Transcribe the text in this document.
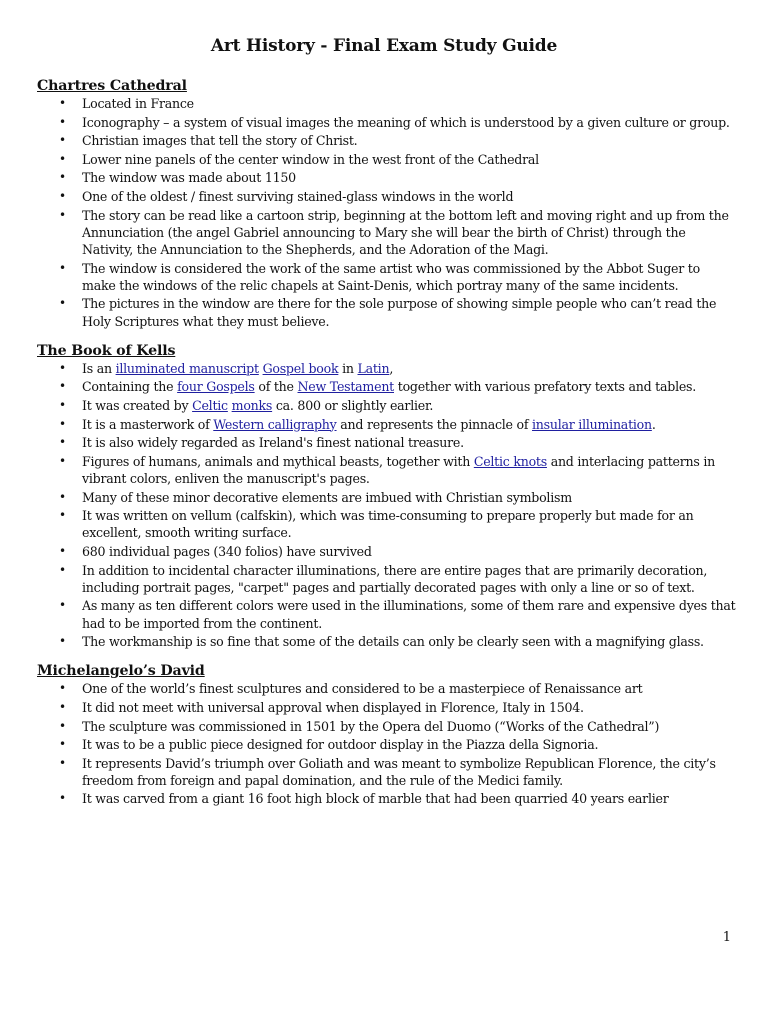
Art History - Final Exam Study Guide
Chartres Cathedral
• Located in France
• Iconography – a system of visual images the meaning of which is understood by a given culture or group.
• Christian images that tell the story of Christ.
• Lower nine panels of the center window in the west front of the Cathedral
• The window was made about 1150
• One of the oldest / finest surviving stained-glass windows in the world
• The story can be read like a cartoon strip, beginning at the bottom left and moving right and up from the Annunciation (the angel Gabriel announcing to Mary she will bear the birth of Christ) through the Nativity, the Annunciation to the Shepherds, and the Adoration of the Magi.
• The window is considered the work of the same artist who was commissioned by the Abbot Suger to make the windows of the relic chapels at Saint-Denis, which portray many of the same incidents.
• The pictures in the window are there for the sole purpose of showing simple people who can’t read the Holy Scriptures what they must believe.
The Book of Kells
• Is an illuminated manuscript Gospel book in Latin,
• Containing the four Gospels of the New Testament together with various prefatory texts and tables.
• It was created by Celtic monks ca. 800 or slightly earlier.
• It is a masterwork of Western calligraphy and represents the pinnacle of insular illumination.
• It is also widely regarded as Ireland's finest national treasure.
• Figures of humans, animals and mythical beasts, together with Celtic knots and interlacing patterns in vibrant colors, enliven the manuscript's pages.
• Many of these minor decorative elements are imbued with Christian symbolism
• It was written on vellum (calfskin), which was time-consuming to prepare properly but made for an excellent, smooth writing surface.
• 680 individual pages (340 folios) have survived
• In addition to incidental character illuminations, there are entire pages that are primarily decoration, including portrait pages, "carpet" pages and partially decorated pages with only a line or so of text.
• As many as ten different colors were used in the illuminations, some of them rare and expensive dyes that had to be imported from the continent.
• The workmanship is so fine that some of the details can only be clearly seen with a magnifying glass.
Michelangelo’s David
• One of the world’s finest sculptures and considered to be a masterpiece of Renaissance art
• It did not meet with universal approval when displayed in Florence, Italy in 1504.
• The sculpture was commissioned in 1501 by the Opera del Duomo (“Works of the Cathedral”)
• It was to be a public piece designed for outdoor display in the Piazza della Signoria.
• It represents David’s triumph over Goliath and was meant to symbolize Republican Florence, the city’s freedom from foreign and papal domination, and the rule of the Medici family.
• It was carved from a giant 16 foot high block of marble that had been quarried 40 years earlier
1
